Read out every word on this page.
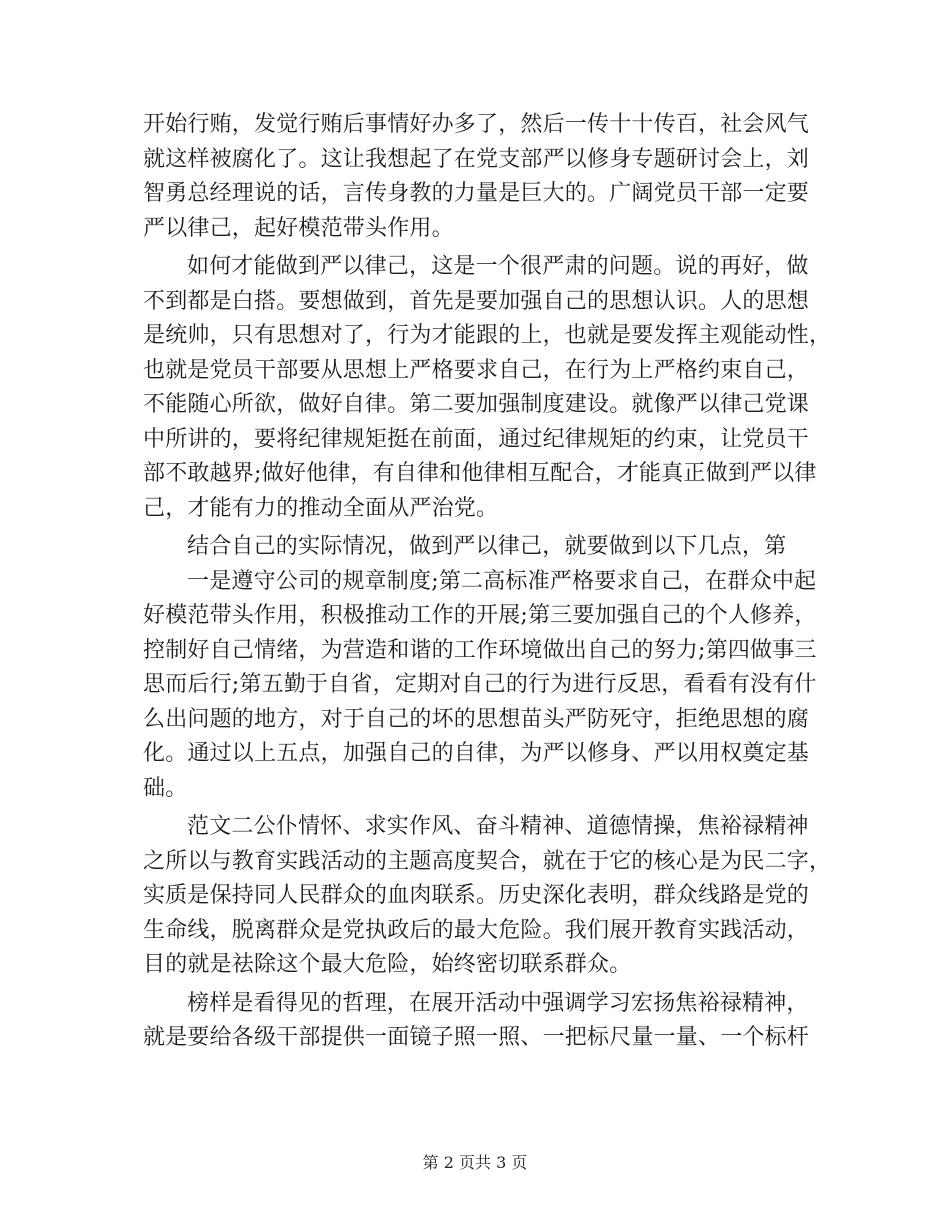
开始行贿，发觉行贿后事情好办多了，然后一传十十传百，社会风气
就这样被腐化了。这让我想起了在党支部严以修身专题研讨会上，刘
智勇总经理说的话，言传身教的力量是巨大的。广阔党员干部一定要
严以律己，起好模范带头作用。
如何才能做到严以律己，这是一个很严肃的问题。说的再好，做
不到都是白搭。要想做到，首先是要加强自己的思想认识。人的思想
是统帅，只有思想对了，行为才能跟的上，也就是要发挥主观能动性，
也就是党员干部要从思想上严格要求自己，在行为上严格约束自己，
不能随心所欲，做好自律。第二要加强制度建设。就像严以律己党课
中所讲的，要将纪律规矩挺在前面，通过纪律规矩的约束，让党员干
部不敢越界;做好他律，有自律和他律相互配合，才能真正做到严以律
己，才能有力的推动全面从严治党。
结合自己的实际情况，做到严以律己，就要做到以下几点，第
一是遵守公司的规章制度;第二高标准严格要求自己，在群众中起
好模范带头作用，积极推动工作的开展;第三要加强自己的个人修养，
控制好自己情绪，为营造和谐的工作环境做出自己的努力;第四做事三
思而后行;第五勤于自省，定期对自己的行为进行反思，看看有没有什
么出问题的地方，对于自己的坏的思想苗头严防死守，拒绝思想的腐
化。通过以上五点，加强自己的自律，为严以修身、严以用权奠定基
础。
范文二公仆情怀、求实作风、奋斗精神、道德情操，焦裕禄精神
之所以与教育实践活动的主题高度契合，就在于它的核心是为民二字，
实质是保持同人民群众的血肉联系。历史深化表明，群众线路是党的
生命线，脱离群众是党执政后的最大危险。我们展开教育实践活动，
目的就是祛除这个最大危险，始终密切联系群众。
榜样是看得见的哲理，在展开活动中强调学习宏扬焦裕禄精神，
就是要给各级干部提供一面镜子照一照、一把标尺量一量、一个标杆
第 2 页共 3 页
